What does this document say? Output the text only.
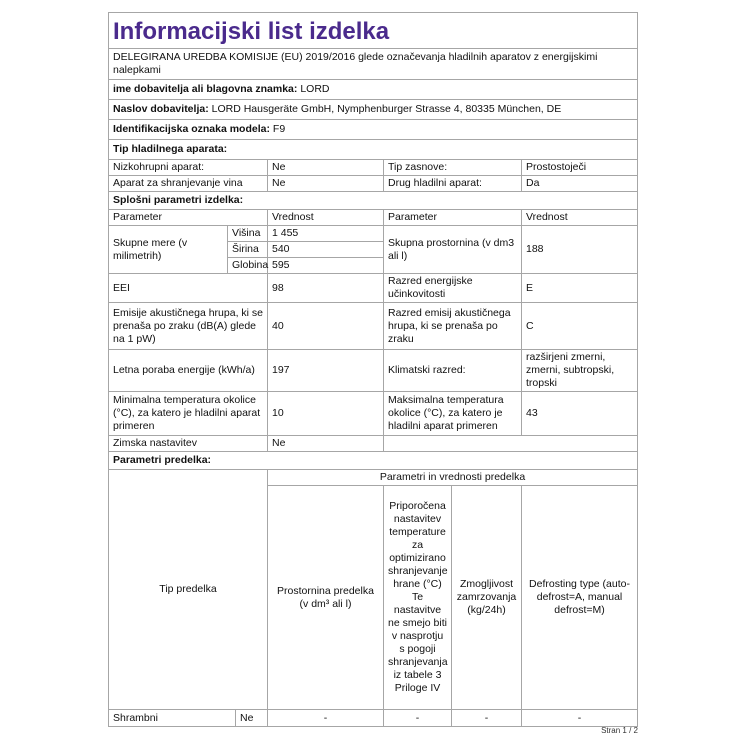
Informacijski list izdelka				
DELEGIRANA UREDBA KOMISIJE (EU) 2019/2016 glede označevanja hladilnih aparatov z energijskimi nalepkami				
ime dobavitelja ali blagovna znamka: LORD				
Naslov dobavitelja: LORD Hausgeräte GmbH, Nymphenburger Strasse 4, 80335 München, DE				
Identifikacijska oznaka modela: F9				
Tip hladilnega aparata:				
Nizkohrupni aparat:		Ne	Tip zasnove:	Prostostoječi
Aparat za shranjevanje vina		Ne	Drug hladilni aparat:	Da
Splošni parametri izdelka:				
Parameter		Vrednost	Parameter	Vrednost
Skupne mere (v milimetrih)	Višina	1 455	Skupna prostornina (v dm3 ali l)	188
	Širina	540		
	Globina	595		
EEI		98	Razred energijske učinkovitosti	E
Emisije akustičnega hrupa, ki se prenaša po zraku (dB(A) glede na 1 pW)		40	Razred emisij akustičnega hrupa, ki se prenaša po zraku	C
Letna poraba energije (kWh/a)		197	Klimatski razred:	razširjeni zmerni, zmerni, subtropski, tropski
Minimalna temperatura okolice (°C), za katero je hladilni aparat primeren		10	Maksimalna temperatura okolice (°C), za katero je hladilni aparat primeren	43
Zimska nastavitev		Ne		
Parametri predelka:				
Tip predelka	Parametri in vrednosti predelka			
	Prostornina predelka (v dm³ ali l)	Priporočena nastavitev temperature za optimizirano shranjevanje hrane (°C) Te nastavitve ne smejo biti v nasprotju s pogoji shranjevanja iz tabele 3 Priloge IV	Zmogljivost zamrzovanja (kg/24h)	Defrosting type (auto-defrost=A, manual defrost=M)

Shrambni Ne	-	-	-	-
Stran 1 / 2
